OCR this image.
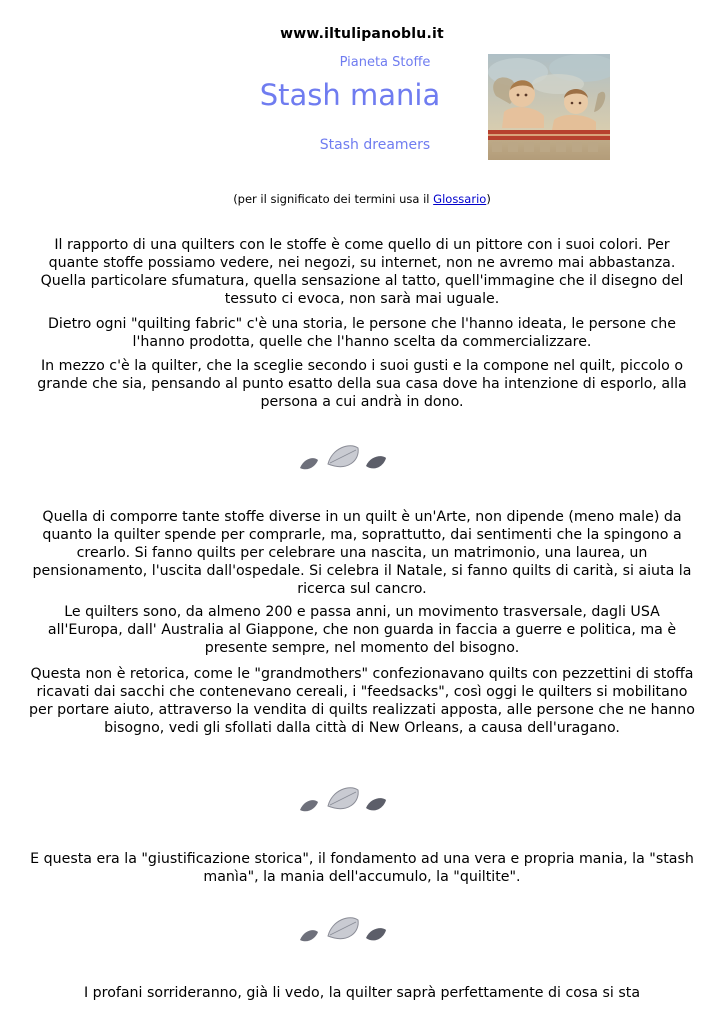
www.iltulipanoblu.it
Pianeta Stoffe
Stash mania
Stash dreamers
(per il significato dei termini usa il Glossario)

Il rapporto di una quilters con le stoffe è come quello di un pittore con i suoi colori. Per quante stoffe possiamo vedere, nei negozi, su internet, non ne avremo mai abbastanza. Quella particolare sfumatura, quella sensazione al tatto, quell'immagine che il disegno del tessuto ci evoca, non sarà mai uguale.

Dietro ogni "quilting fabric" c'è una storia, le persone che l'hanno ideata, le persone che l'hanno prodotta, quelle che l'hanno scelta da commercializzare.

In mezzo c'è la quilter, che la sceglie secondo i suoi gusti e la compone nel quilt, piccolo o grande che sia, pensando al punto esatto della sua casa dove ha intenzione di esporlo, alla persona a cui andrà in dono.

Quella di comporre tante stoffe diverse in un quilt è un'Arte, non dipende (meno male) da quanto la quilter spende per comprarle, ma, soprattutto, dai sentimenti che la spingono a crearlo. Si fanno quilts per celebrare una nascita, un matrimonio, una laurea, un pensionamento, l'uscita dall'ospedale. Si celebra il Natale, si fanno quilts di carità, si aiuta la ricerca sul cancro.

Le quilters sono, da almeno 200 e passa anni, un movimento trasversale, dagli USA all'Europa, dall' Australia al Giappone, che non guarda in faccia a guerre e politica, ma è presente sempre, nel momento del bisogno.

Questa non è retorica, come le "grandmothers" confezionavano quilts con pezzettini di stoffa ricavati dai sacchi che contenevano cereali, i "feedsacks", così oggi le quilters si mobilitano per portare aiuto, attraverso la vendita di quilts realizzati apposta, alle persone che ne hanno bisogno, vedi gli sfollati dalla città di New Orleans, a causa dell'uragano.

E questa era la "giustificazione storica", il fondamento ad una vera e propria mania, la "stash manìa", la mania dell'accumulo, la "quiltite".

I profani sorrideranno, già li vedo, la quilter saprà perfettamente di cosa si sta
